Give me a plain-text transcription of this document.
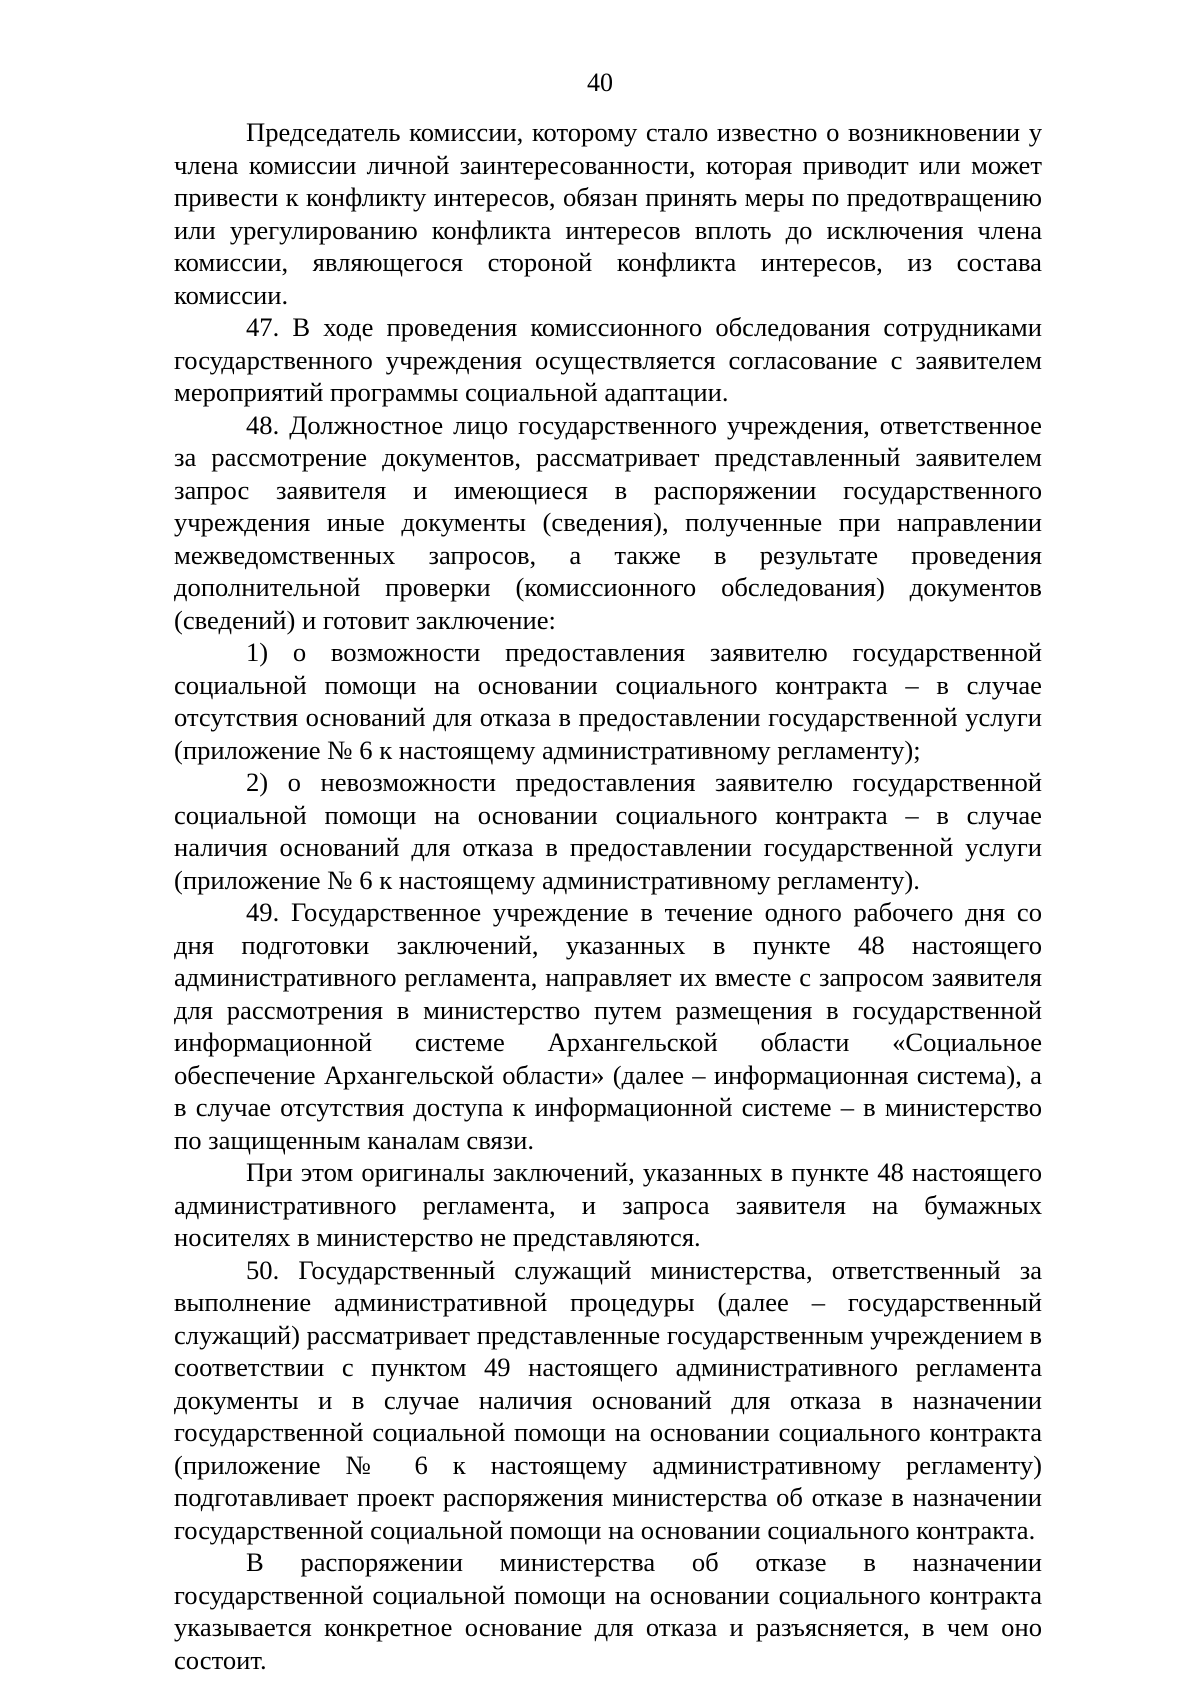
40

Председатель комиссии, которому стало известно о возникновении у члена комиссии личной заинтересованности, которая приводит или может привести к конфликту интересов, обязан принять меры по предотвращению или урегулированию конфликта интересов вплоть до исключения члена комиссии, являющегося стороной конфликта интересов, из состава комиссии.

47. В ходе проведения комиссионного обследования сотрудниками государственного учреждения осуществляется согласование с заявителем мероприятий программы социальной адаптации.

48. Должностное лицо государственного учреждения, ответственное за рассмотрение документов, рассматривает представленный заявителем запрос заявителя и имеющиеся в распоряжении государственного учреждения иные документы (сведения), полученные при направлении межведомственных запросов, а также в результате проведения дополнительной проверки (комиссионного обследования) документов (сведений) и готовит заключение:

1) о возможности предоставления заявителю государственной социальной помощи на основании социального контракта – в случае отсутствия оснований для отказа в предоставлении государственной услуги (приложение № 6 к настоящему административному регламенту);

2) о невозможности предоставления заявителю государственной социальной помощи на основании социального контракта – в случае наличия оснований для отказа в предоставлении государственной услуги (приложение № 6 к настоящему административному регламенту).

49. Государственное учреждение в течение одного рабочего дня со дня подготовки заключений, указанных в пункте 48 настоящего административного регламента, направляет их вместе с запросом заявителя для рассмотрения в министерство путем размещения в государственной информационной системе Архангельской области «Социальное обеспечение Архангельской области» (далее – информационная система), а в случае отсутствия доступа к информационной системе – в министерство по защищенным каналам связи.

При этом оригиналы заключений, указанных в пункте 48 настоящего административного регламента, и запроса заявителя на бумажных носителях в министерство не представляются.

50. Государственный служащий министерства, ответственный за выполнение административной процедуры (далее – государственный служащий) рассматривает представленные государственным учреждением в соответствии с пунктом 49 настоящего административного регламента документы и в случае наличия оснований для отказа в назначении государственной социальной помощи на основании социального контракта (приложение № 6 к настоящему административному регламенту) подготавливает проект распоряжения министерства об отказе в назначении государственной социальной помощи на основании социального контракта.

В распоряжении министерства об отказе в назначении государственной социальной помощи на основании социального контракта указывается конкретное основание для отказа и разъясняется, в чем оно состоит.
